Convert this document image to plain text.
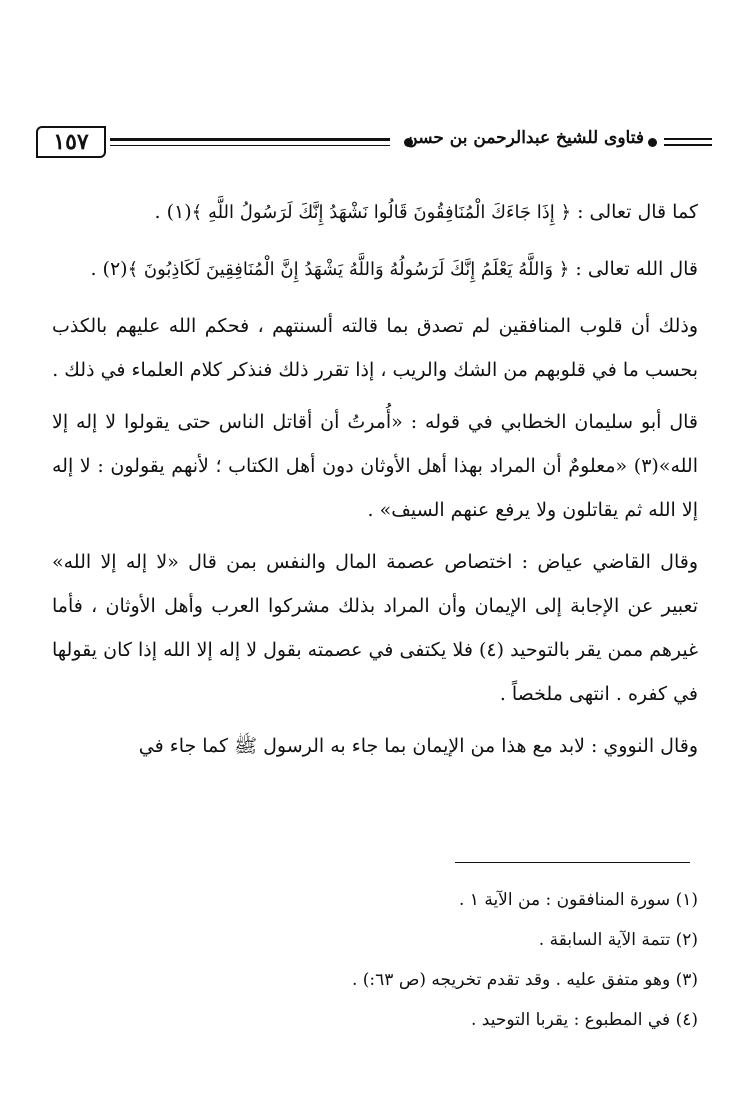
١٥٧	فتاوى للشيخ عبدالرحمن بن حسن

كما قال تعالى : ﴿ إِذَا جَاءَكَ الْمُنَافِقُونَ قَالُوا نَشْهَدُ إِنَّكَ لَرَسُولُ اللَّهِ ﴾(١) .

قال الله تعالى : ﴿ وَاللَّهُ يَعْلَمُ إِنَّكَ لَرَسُولُهُ وَاللَّهُ يَشْهَدُ إِنَّ الْمُنَافِقِينَ لَكَاذِبُونَ ﴾(٢) .

وذلك أن قلوب المنافقين لم تصدق بما قالته ألسنتهم ، فحكم الله عليهم بالكذب بحسب ما في قلوبهم من الشك والريب ، إذا تقرر ذلك فنذكر كلام العلماء في ذلك .

قال أبو سليمان الخطابي في قوله : «أُمرتُ أن أقاتل الناس حتى يقولوا لا إله إلا الله»(٣) «معلومٌ أن المراد بهذا أهل الأوثان دون أهل الكتاب ؛ لأنهم يقولون : لا إله إلا الله ثم يقاتلون ولا يرفع عنهم السيف» .

وقال القاضي عياض : اختصاص عصمة المال والنفس بمن قال «لا إله إلا الله» تعبير عن الإجابة إلى الإيمان وأن المراد بذلك مشركوا العرب وأهل الأوثان ، فأما غيرهم ممن يقر بالتوحيد (٤) فلا يكتفى في عصمته بقول لا إله إلا الله إذا كان يقولها في كفره . انتهى ملخصاً .

وقال النووي : لابد مع هذا من الإيمان بما جاء به الرسول ﷺ كما جاء في

(١) سورة المنافقون : من الآية ١ .
(٢) تتمة الآية السابقة .
(٣) وهو متفق عليه . وقد تقدم تخريجه (ص ٦٣:) .
(٤) في المطبوع : يقربا التوحيد .
